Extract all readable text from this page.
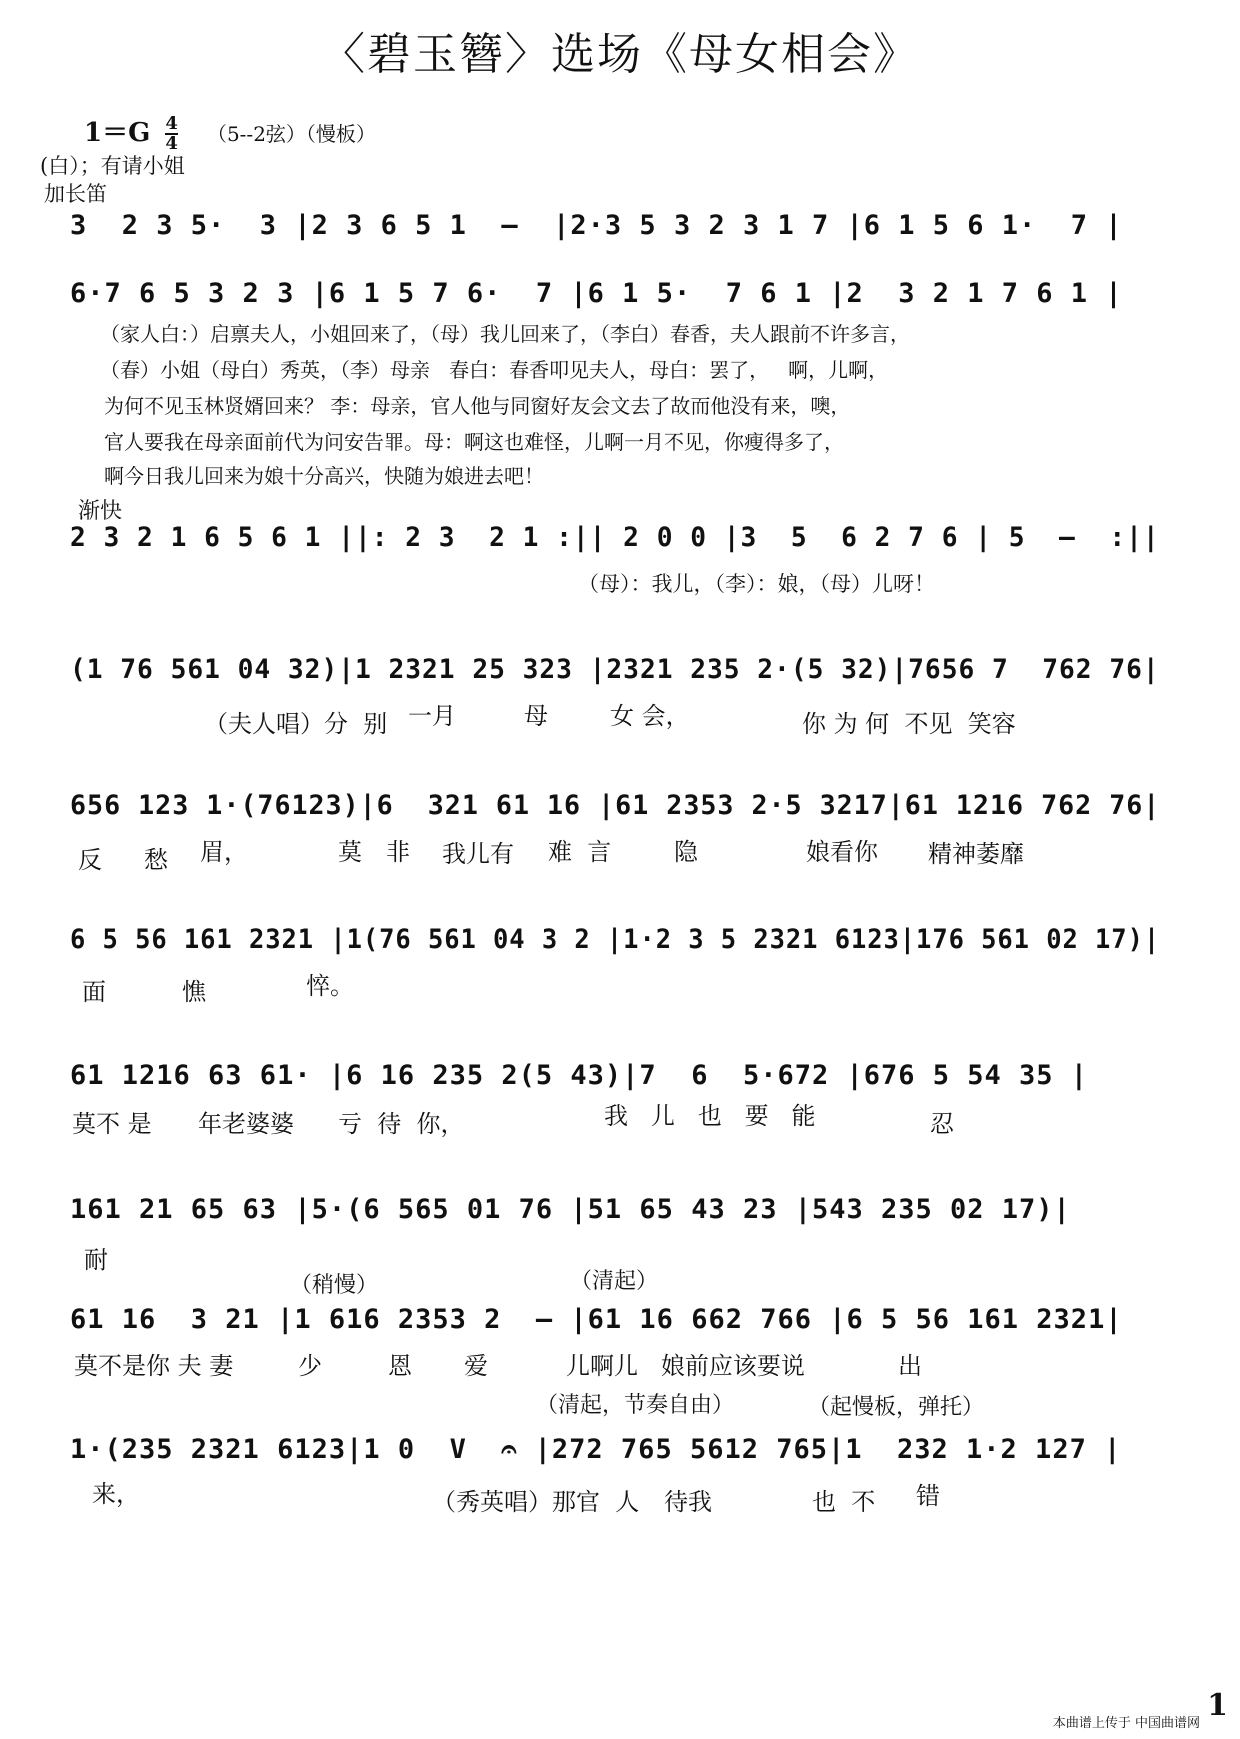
〈碧玉簪〉选场《母女相会》
$1=G \frac{4}{4} (5--2$弦）（慢板）
(白）；有请小姐
加长笛
3  2 3 5·  3 |2 3 6 5 1  –  |2·3 5 3 2 3 1 7 |6 1 5 6 1·  7 |
6·7 6 5 3 2 3 |6 1 5 7 6·  7 |6 1 5·  7 6 1 |2  3 2 1 7 6 1 |
（家人白：）启禀夫人，小姐回来了，（母）我儿回来了，（李白）春香，夫人跟前不许多言，
（春）小姐（母白）秀英，（李）母亲   春白：春香叩见夫人，母白：罢了，   啊，儿啊，
为何不见玉林贤婿回来？ 李：母亲，官人他与同窗好友会文去了故而他没有来，噢，
官人要我在母亲面前代为问安告罪。母：啊这也难怪，儿啊一月不见，你瘦得多了，
啊今日我儿回来为娘十分高兴，快随为娘进去吧！
渐快
2 3 2 1 6 5 6 1 ||: 2 3  2 1 :|| 2 0 0 |3  5  6 2 7 6 | 5  –  :||
（母）：我儿，（李）：娘，（母）儿呀！
(1 76 561 04 32)|1 2321 25 323 |2321 235 2·(5 32)|7656 7  762 76|
（夫人唱）分  别 一月	母	女 会，	你 为 何  不见  笑容
656 123 1·(76123)|6  321 61 16 |61 2353 2·5 3217|61 1216 762 76|
反 愁 眉，	莫 非 我儿有 难  言	隐	娘看你 精神萎靡
6 5 56 161 2321 |1(76 561 04 3 2 |1·2 3 5 2321 6123|176 561 02 17)|
面	憔	悴。
61 1216 63 61· |6 16 235 2(5 43)|7  6  5·672 |676 5 54 35 |
莫不 是 年老婆婆 亏  待  你，	我   儿   也   要   能	忍
161 21 65 63 |5·(6 565 01 76 |51 65 43 23 |543 235 02 17)|
耐
（稍慢）	（清起）
61 16  3 21 |1 616 2353 2  – |61 16 662 766 |6 5 56 161 2321|
莫不是你 夫 妻	少	恩 爱	儿啊儿   娘前应该要说	出
（清起，节奏自由）	（起慢板，弹托）
1·(235 2321 6123|1 0  V  𝄐 |272 765 5612 765|1  232 1·2 127 |
来，	（秀英唱）那官  人 待我	也  不 错
本曲谱上传于 中国曲谱网
1
